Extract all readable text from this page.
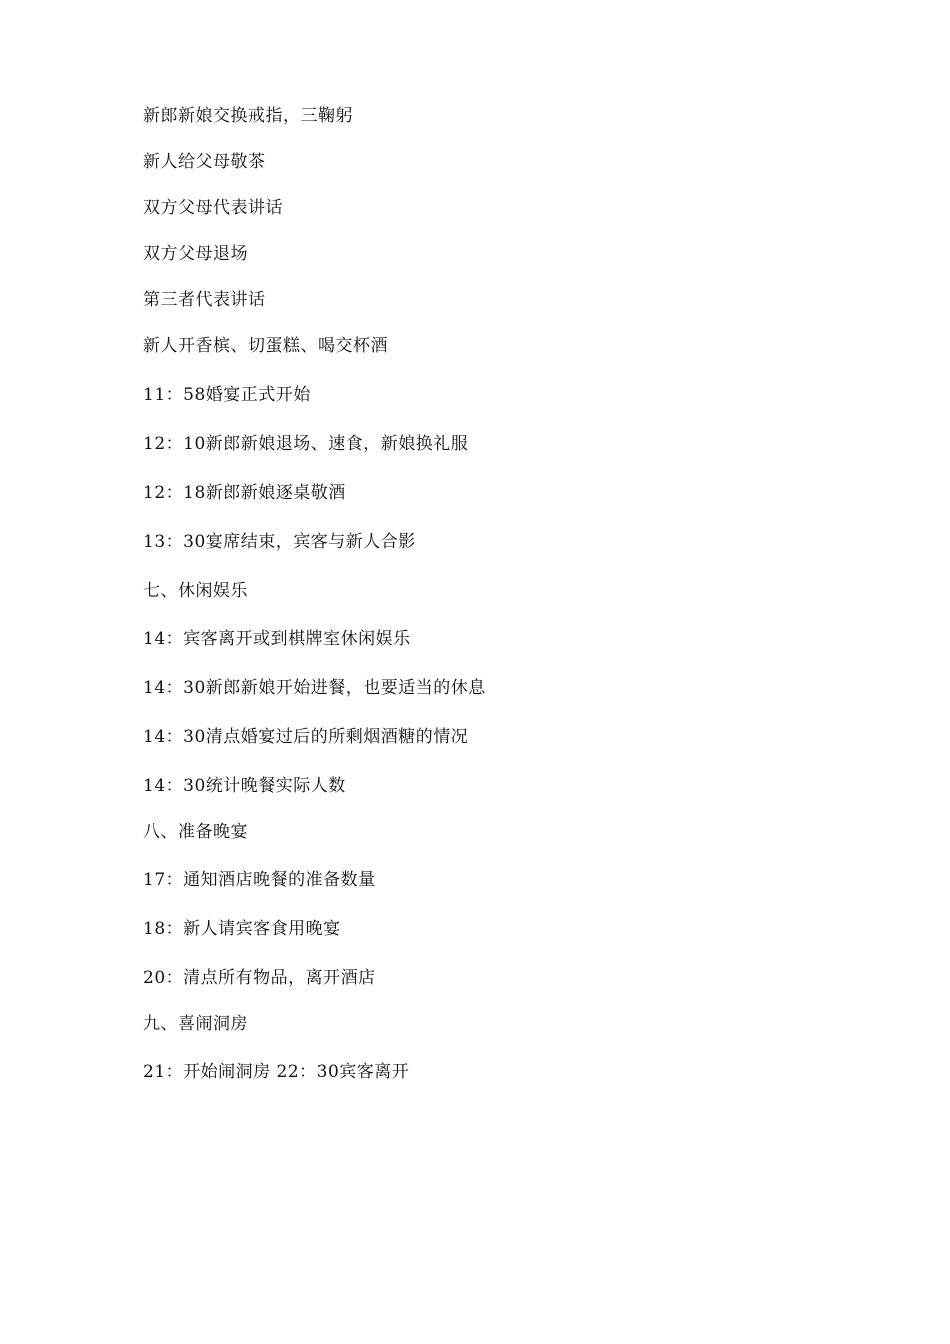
新郎新娘交换戒指，三鞠躬
新人给父母敬茶
双方父母代表讲话
双方父母退场
第三者代表讲话
新人开香槟、切蛋糕、喝交杯酒
11：58婚宴正式开始
12：10新郎新娘退场、速食，新娘换礼服
12：18新郎新娘逐桌敬酒
13：30宴席结束，宾客与新人合影
七、休闲娱乐
14：宾客离开或到棋牌室休闲娱乐
14：30新郎新娘开始进餐，也要适当的休息
14：30清点婚宴过后的所剩烟酒糖的情况
14：30统计晚餐实际人数
八、准备晚宴
17：通知酒店晚餐的准备数量
18：新人请宾客食用晚宴
20：清点所有物品，离开酒店
九、喜闹洞房
21：开始闹洞房 22：30宾客离开
